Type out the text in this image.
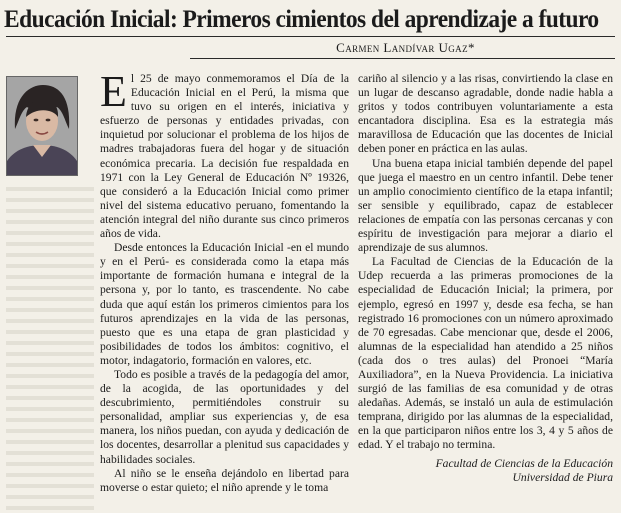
Educación Inicial: Primeros cimientos del aprendizaje a futuro
Carmen Landívar Ugaz*

El 25 de mayo conmemoramos el Día de la Educación Inicial en el Perú, la misma que tuvo su origen en el interés, iniciativa y esfuerzo de personas y entidades privadas, con inquietud por solucionar el problema de los hijos de madres trabajadoras fuera del hogar y de situación económica precaria. La decisión fue respaldada en 1971 con la Ley General de Educación Nº 19326, que consideró a la Educación Inicial como primer nivel del sistema educativo peruano, fomentando la atención integral del niño durante sus cinco primeros años de vida.

Desde entonces la Educación Inicial -en el mundo y en el Perú- es considerada como la etapa más importante de formación humana e integral de la persona y, por lo tanto, es trascendente. No cabe duda que aquí están los primeros cimientos para los futuros aprendizajes en la vida de las personas, puesto que es una etapa de gran plasticidad y posibilidades de todos los ámbitos: cognitivo, el motor, indagatorio, formación en valores, etc.

Todo es posible a través de la pedagogía del amor, de la acogida, de las oportunidades y del descubrimiento, permitiéndoles construir su personalidad, ampliar sus experiencias y, de esa manera, los niños puedan, con ayuda y dedicación de los docentes, desarrollar a plenitud sus capacidades y habilidades sociales.

Al niño se le enseña dejándolo en libertad para moverse o estar quieto; el niño aprende y le toma

cariño al silencio y a las risas, convirtiendo la clase en un lugar de descanso agradable, donde nadie habla a gritos y todos contribuyen voluntariamente a esta encantadora disciplina. Esa es la estrategia más maravillosa de Educación que las docentes de Inicial deben poner en práctica en las aulas.

Una buena etapa inicial también depende del papel que juega el maestro en un centro infantil. Debe tener un amplio conocimiento científico de la etapa infantil; ser sensible y equilibrado, capaz de establecer relaciones de empatía con las personas cercanas y con espíritu de investigación para mejorar a diario el aprendizaje de sus alumnos.

La Facultad de Ciencias de la Educación de la Udep recuerda a las primeras promociones de la especialidad de Educación Inicial; la primera, por ejemplo, egresó en 1997 y, desde esa fecha, se han registrado 16 promociones con un número aproximado de 70 egresadas. Cabe mencionar que, desde el 2006, alumnas de la especialidad han atendido a 25 niños (cada dos o tres aulas) del Pronoei “María Auxiliadora”, en la Nueva Providencia. La iniciativa surgió de las familias de esa comunidad y de otras aledañas. Además, se instaló un aula de estimulación temprana, dirigido por las alumnas de la especialidad, en la que participaron niños entre los 3, 4 y 5 años de edad. Y el trabajo no termina.

Facultad de Ciencias de la Educación

Universidad de Piura
